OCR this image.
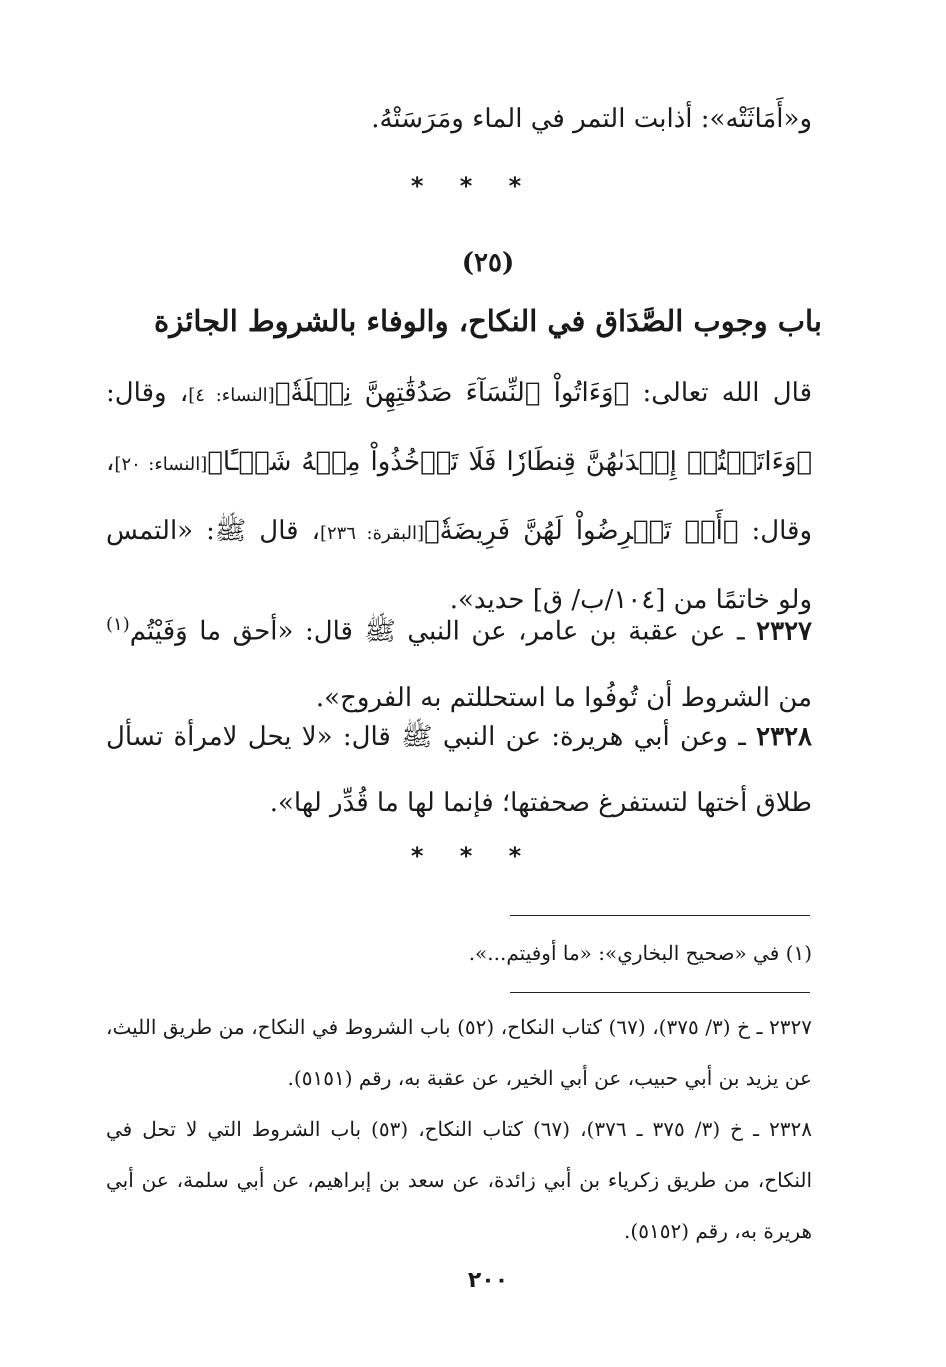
و«أَمَاثَتْه»: أذابت التمر في الماء ومَرَسَتْهُ.

* * *

(٢٥)

باب وجوب الصَّدَاق في النكاح، والوفاء بالشروط الجائزة

قال الله تعالى: ﴿وَءَاتُواْ ٱلنِّسَآءَ صَدُقَٰتِهِنَّ نِحۡلَةٗ﴾[النساء: ٤]، وقال: ﴿وَءَاتَيۡتُمۡ إِحۡدَىٰهُنَّ قِنطَارٗا فَلَا تَأۡخُذُواْ مِنۡهُ شَيۡـًٔا﴾[النساء: ٢٠]، وقال: ﴿أَوۡ تَفۡرِضُواْ لَهُنَّ فَرِيضَةٗ﴾[البقرة: ٢٣٦]، قال ﷺ: «التمس ولو خاتمًا من [١٠٤/ب/ ق] حديد».

٢٣٢٧ ـ عن عقبة بن عامر، عن النبي ﷺ قال: «أحق ما وَفَيْتُم$^{(١)}$ من الشروط أن تُوفُوا ما استحللتم به الفروج».

٢٣٢٨ ـ وعن أبي هريرة: عن النبي ﷺ قال: «لا يحل لامرأة تسأل طلاق أختها لتستفرغ صحفتها؛ فإنما لها ما قُدِّر لها».

* * *

(١) في «صحيح البخاري»: «ما أوفيتم...».

٢٣٢٧ ـ خ (٣/ ٣٧٥)، (٦٧) كتاب النكاح، (٥٢) باب الشروط في النكاح، من طريق الليث، عن يزيد بن أبي حبيب، عن أبي الخير، عن عقبة به، رقم (٥١٥١).

٢٣٢٨ ـ خ (٣/ ٣٧٥ ـ ٣٧٦)، (٦٧) كتاب النكاح، (٥٣) باب الشروط التي لا تحل في النكاح، من طريق زكرياء بن أبي زائدة، عن سعد بن إبراهيم، عن أبي سلمة، عن أبي هريرة به، رقم (٥١٥٢).

٢٠٠
